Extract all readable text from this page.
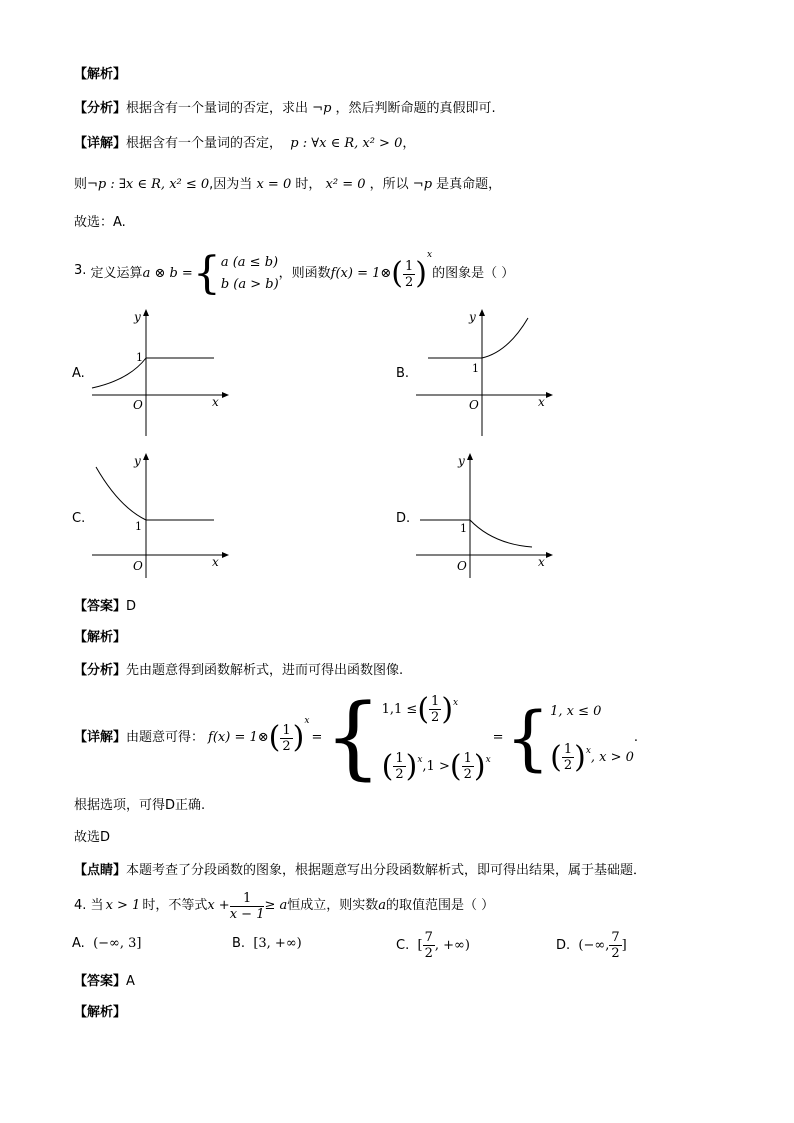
【解析】
【分析】根据含有一个量词的否定，求出 ¬p ，然后判断命题的真假即可.
【详解】根据含有一个量词的否定， p : ∀x ∈ R, x² > 0，
则¬p : ∃x ∈ R, x² ≤ 0,因为当 x = 0 时， x² = 0 ，所以 ¬p 是真命题，
故选：A.
3. 定义运算a ⊗ b ={ a (a ≤ b)
b (a > b)
，则函数f(x) = 1⊗( $\frac{1}{2} )^x$的图象是（ ）
A.	B.
C.	D.
x
y
O
1
x
y
O
1
x
y
O
1
x
y
O
1
【答案】D
【解析】
【分析】先由题意得到函数解析式，进而可得出函数图像.
【详解】 由题意可得： f(x) = 1⊗ ( $\frac{1}{2}$ ) x
= { 1,1 ≤ ( $\frac{1}{2}$ ) x
( $\frac{1}{2}$ ) x ,1 > ( $\frac{1}{2}$ ) x
= { 1, x ≤ 0
( $\frac{1}{2}$ ) x , x > 0
.
根据选项，可得D正确.
故选D
【点睛】本题考查了分段函数的图象，根据题意写出分段函数解析式，即可得出结果，属于基础题．
4.
当 x > 1 时，不等式 $x + \frac{1}{x - 1} \ge a$ 恒成立，则实数 a 的取值范围是（ ）
A.
(−∞, 3]	B.
[3, +∞)	C.
[ $\frac{7}{2}$ , +∞)	D.
(−∞, $\frac{7}{2}$ ]
【答案】A
【解析】
